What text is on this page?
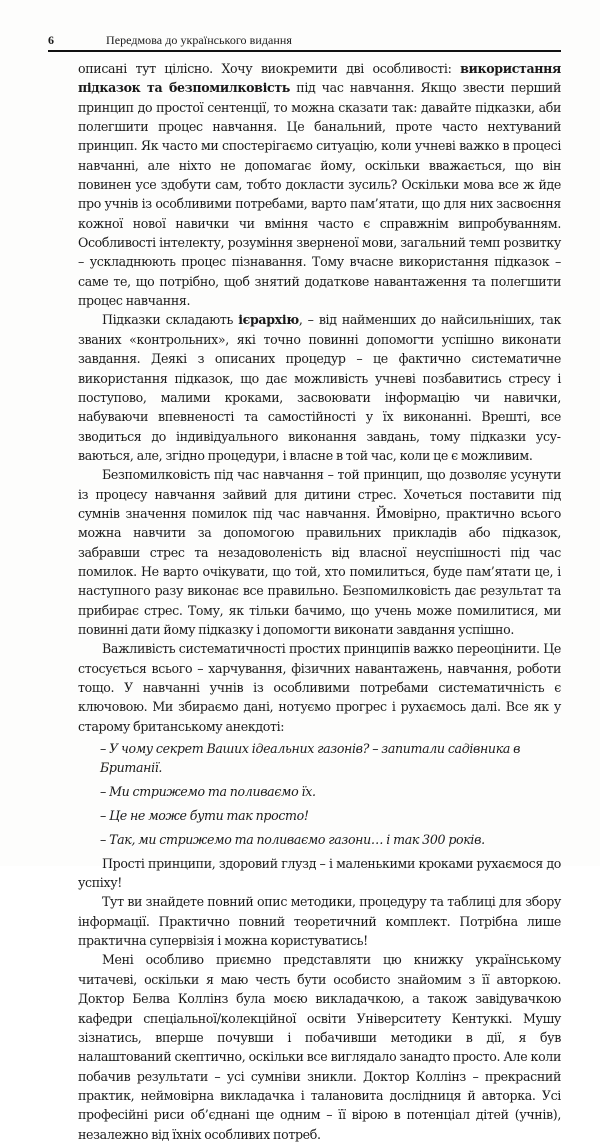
6	Передмова до українського видання

описані тут цілісно. Хочу виокремити дві особливості: використання підказок та безпомилковість під час навчання. Якщо звести перший принцип до простої сентенції, то можна сказати так: давайте підказки, аби полегшити процес навчання. Це банальний, проте часто нехтуваний принцип. Як часто ми спостерігаємо ситуацію, коли учневі важко в процесі навчанні, але ніхто не допомагає йому, оскільки вважається, що він повинен усе здобути сам, тобто докласти зусиль? Оскільки мова все ж йде про учнів із особливими потребами, варто пам’ятати, що для них засвоєння кожної нової навички чи вміння часто є справжнім випробуванням. Особливості інтелекту, розуміння зверненої мови, загальний темп розвитку – ускладнюють процес пізнавання. Тому вчасне використання підказок – саме те, що потрібно, щоб знятий додаткове навантаження та полегшити процес навчання.

Підказки складають ієрархію, – від найменших до найсильніших, так званих «контрольних», які точно повинні допомогти успішно виконати завдання. Деякі з описаних процедур – це фактично систематичне використання підказок, що дає можливість учневі позбавитись стресу і поступово, малими кроками, засвоювати інформацію чи навички, набуваючи впевненості та самостійності у їх виконанні. Врешті, все зводиться до індивідуального виконання завдань, тому підказки усуваються, але, згідно процедури, і власне в той час, коли це є можливим.

Безпомилковість під час навчання – той принцип, що дозволяє усунути із процесу навчання зайвий для дитини стрес. Хочеться поставити під сумнів значення помилок під час навчання. Ймовірно, практично всього можна навчити за допомогою правильних прикладів або підказок, забравши стрес та незадоволеність від власної неуспішності під час помилок. Не варто очікувати, що той, хто помилиться, буде пам’ятати це, і наступного разу виконає все правильно. Безпомилковість дає результат та прибирає стрес. Тому, як тільки бачимо, що учень може помилитися, ми повинні дати йому підказку і допомогти виконати завдання успішно.

Важливість систематичності простих принципів важко переоцінити. Це стосується всього – харчування, фізичних навантажень, навчання, роботи тощо. У навчанні учнів із особливими потребами систематичність є ключовою. Ми збираємо дані, нотуємо прогрес і рухаємось далі. Все як у старому британському анекдоті:

– У чому секрет Ваших ідеальних газонів? – запитали садівника в Британії.

– Ми стрижемо та поливаємо їх.

– Це не може бути так просто!

– Так, ми стрижемо та поливаємо газони… і так 300 років.

Прості принципи, здоровий глузд – і маленькими кроками рухаємося до успіху!

Тут ви знайдете повний опис методики, процедуру та таблиці для збору інформації. Практично повний теоретичний комплект. Потрібна лише практична супервізія і можна користуватись!

Мені особливо приємно представляти цю книжку українському читачеві, оскільки я маю честь бути особисто знайомим з її авторкою. Доктор Белва Коллінз була моєю викладачкою, а також завідувачкою кафедри спеціальної/колекційної освіти Університету Кентуккі. Мушу зізнатись, вперше почувши і побачивши методики в дії, я був налаштований скептично, оскільки все виглядало занадто просто. Але коли побачив результати – усі сумніви зникли. Доктор Коллінз – прекрасний практик, неймовірна викладачка і талановита дослідниця й авторка. Усі професійні риси об’єднані ще одним – її вірою в потенціал дітей (учнів), незалежно від їхніх особливих потреб.
